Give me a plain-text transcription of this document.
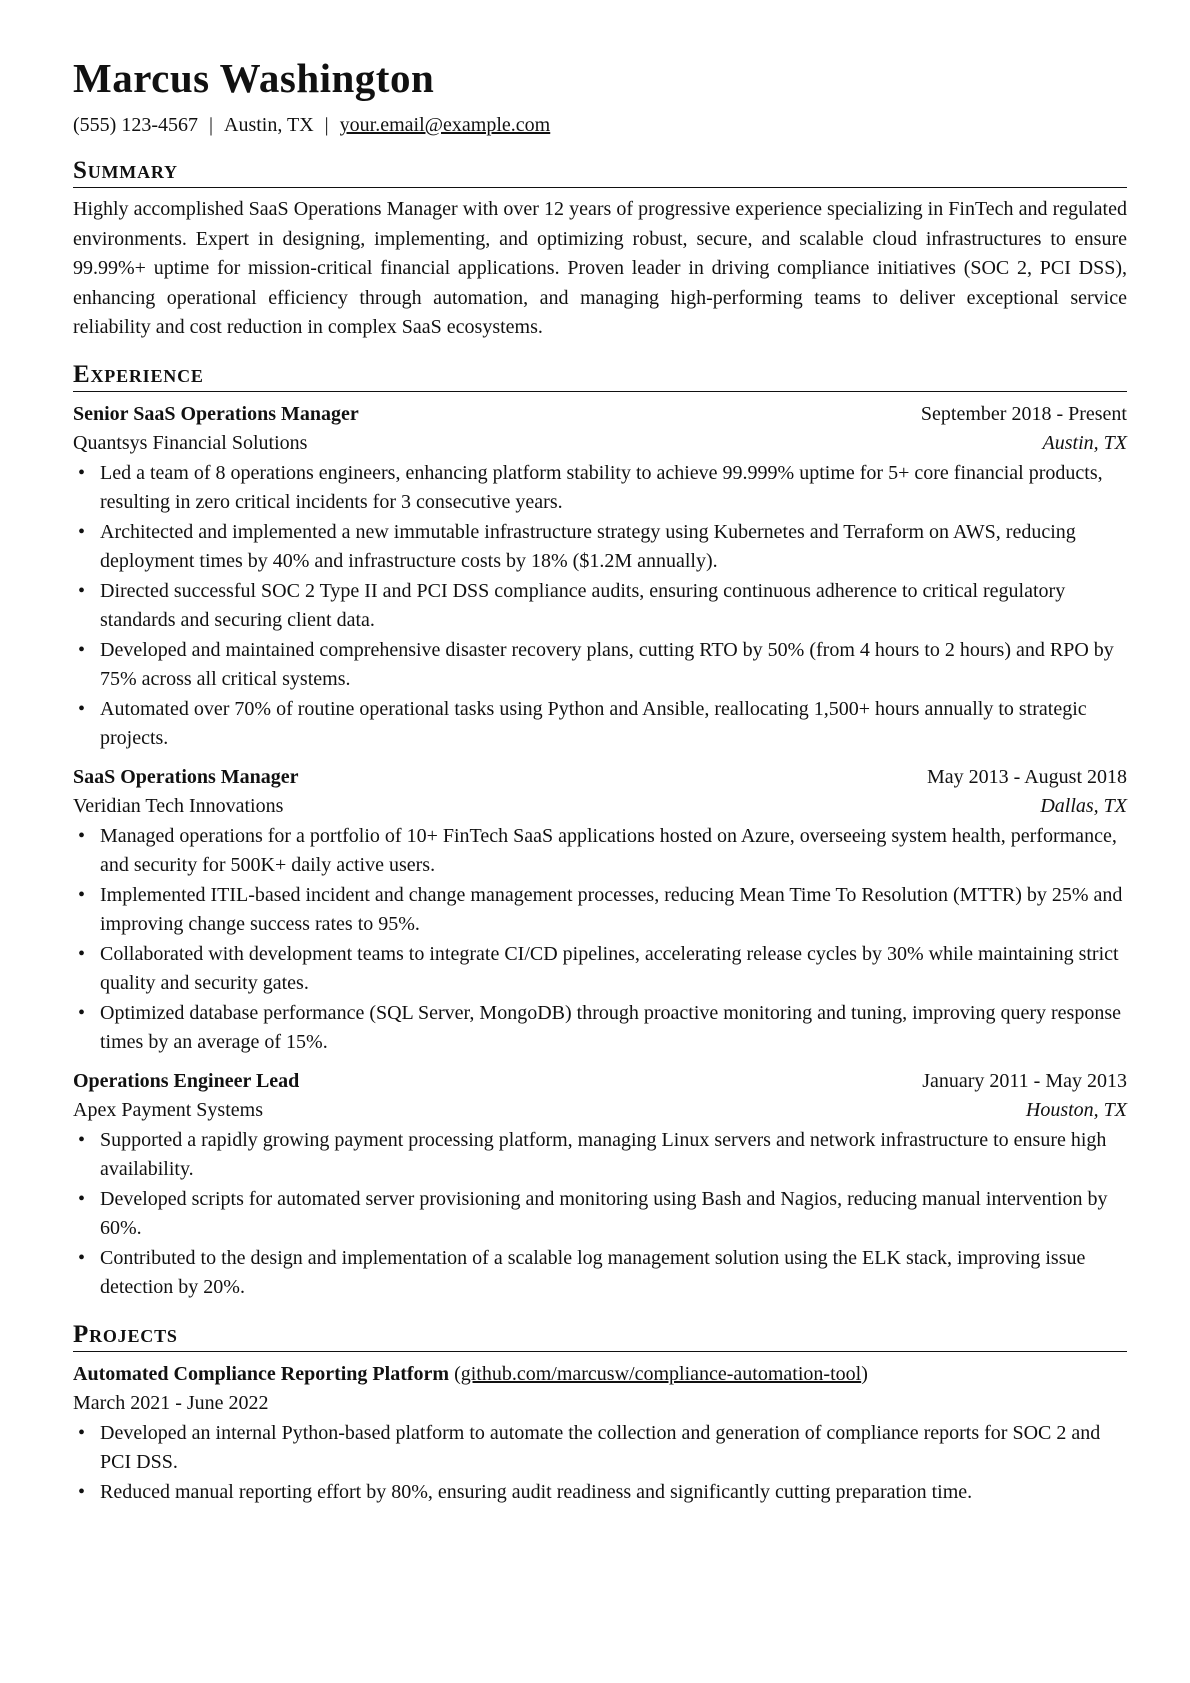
Marcus Washington
(555) 123-4567 | Austin, TX | your.email@example.com
Summary
Highly accomplished SaaS Operations Manager with over 12 years of progressive experience specializing in FinTech and regulated environments. Expert in designing, implementing, and optimizing robust, secure, and scalable cloud infrastructures to ensure 99.99%+ uptime for mission-critical financial applications. Proven leader in driving compliance initiatives (SOC 2, PCI DSS), enhancing operational efficiency through automation, and managing high-performing teams to deliver exceptional service reliability and cost reduction in complex SaaS ecosystems.
Experience
Senior SaaS Operations Manager	September 2018 - Present
Quantsys Financial Solutions	Austin, TX
• Led a team of 8 operations engineers, enhancing platform stability to achieve 99.999% uptime for 5+ core financial products, resulting in zero critical incidents for 3 consecutive years.
• Architected and implemented a new immutable infrastructure strategy using Kubernetes and Terraform on AWS, reducing deployment times by 40% and infrastructure costs by 18% ($1.2M annually).
• Directed successful SOC 2 Type II and PCI DSS compliance audits, ensuring continuous adherence to critical regulatory standards and securing client data.
• Developed and maintained comprehensive disaster recovery plans, cutting RTO by 50% (from 4 hours to 2 hours) and RPO by 75% across all critical systems.
• Automated over 70% of routine operational tasks using Python and Ansible, reallocating 1,500+ hours annually to strategic projects.
SaaS Operations Manager	May 2013 - August 2018
Veridian Tech Innovations	Dallas, TX
• Managed operations for a portfolio of 10+ FinTech SaaS applications hosted on Azure, overseeing system health, performance, and security for 500K+ daily active users.
• Implemented ITIL-based incident and change management processes, reducing Mean Time To Resolution (MTTR) by 25% and improving change success rates to 95%.
• Collaborated with development teams to integrate CI/CD pipelines, accelerating release cycles by 30% while maintaining strict quality and security gates.
• Optimized database performance (SQL Server, MongoDB) through proactive monitoring and tuning, improving query response times by an average of 15%.
Operations Engineer Lead	January 2011 - May 2013
Apex Payment Systems	Houston, TX
• Supported a rapidly growing payment processing platform, managing Linux servers and network infrastructure to ensure high availability.
• Developed scripts for automated server provisioning and monitoring using Bash and Nagios, reducing manual intervention by 60%.
• Contributed to the design and implementation of a scalable log management solution using the ELK stack, improving issue detection by 20%.
Projects
Automated Compliance Reporting Platform ( github.com/marcusw/compliance-automation-tool )
March 2021 - June 2022
• Developed an internal Python-based platform to automate the collection and generation of compliance reports for SOC 2 and PCI DSS.
• Reduced manual reporting effort by 80%, ensuring audit readiness and significantly cutting preparation time.
